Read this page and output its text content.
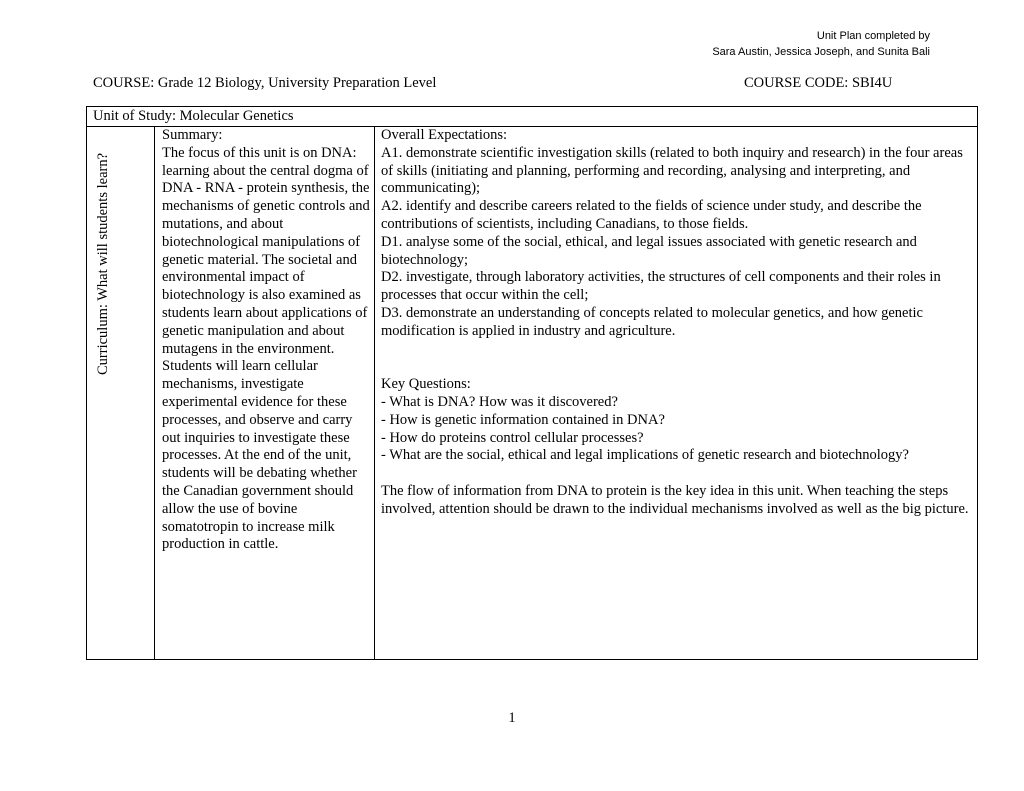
Unit Plan completed by
Sara Austin, Jessica Joseph, and Sunita Bali
COURSE: Grade 12 Biology, University Preparation Level	COURSE CODE: SBI4U
Unit of Study: Molecular Genetics
Curriculum: What will students learn?

Summary:

The focus of this unit is on DNA: learning about the central dogma of DNA - RNA - protein synthesis, the mechanisms of genetic controls and mutations, and about biotechnological manipulations of genetic material. The societal and environmental impact of biotechnology is also examined as students learn about applications of genetic manipulation and about mutagens in the environment. Students will learn cellular mechanisms, investigate experimental evidence for these processes, and observe and carry out inquiries to investigate these processes. At the end of the unit, students will be debating whether the Canadian government should allow the use of bovine somatotropin to increase milk production in cattle.

Overall Expectations:

A1. demonstrate scientific investigation skills (related to both inquiry and research) in the four areas of skills (initiating and planning, performing and recording, analysing and interpreting, and communicating);

A2. identify and describe careers related to the fields of science under study, and describe the contributions of scientists, including Canadians, to those fields.

D1. analyse some of the social, ethical, and legal issues associated with genetic research and biotechnology;

D2. investigate, through laboratory activities, the structures of cell components and their roles in

processes that occur within the cell;

D3. demonstrate an understanding of concepts related to molecular genetics, and how genetic modification is applied in industry and agriculture.

Key Questions:

- What is DNA? How was it discovered?

- How is genetic information contained in DNA?

- How do proteins control cellular processes?

- What are the social, ethical and legal implications of genetic research and biotechnology?

The flow of information from DNA to protein is the key idea in this unit. When teaching the steps involved, attention should be drawn to the individual mechanisms involved as well as the big picture.

1
